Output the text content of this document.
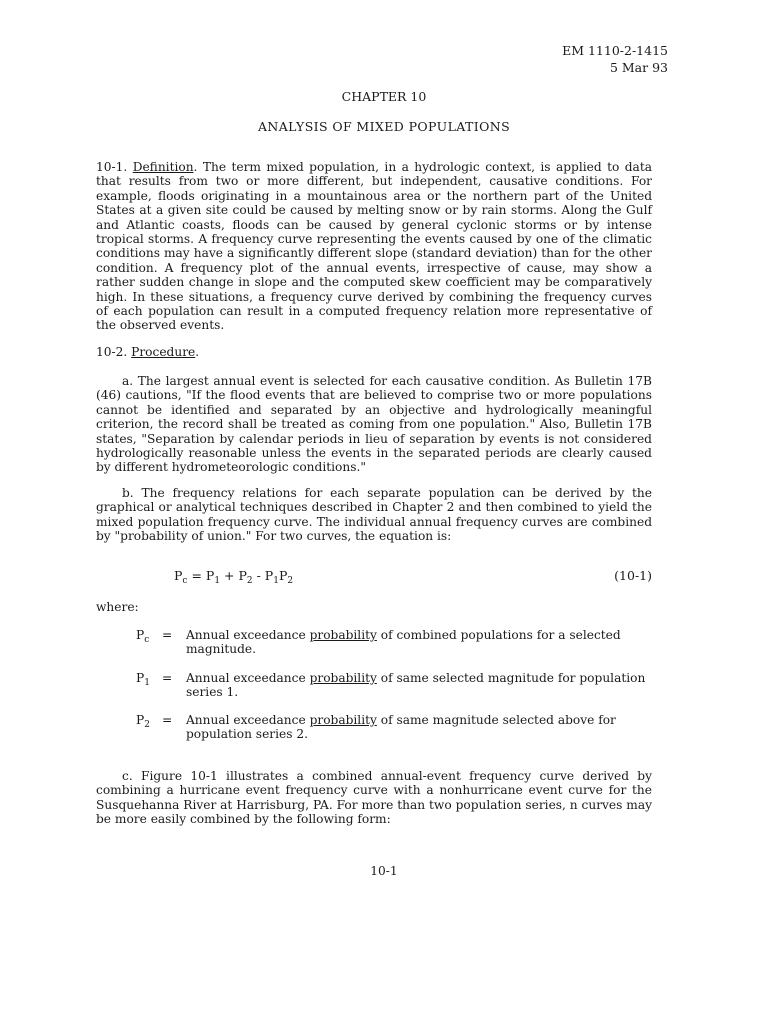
EM 1110-2-1415
5 Mar 93
CHAPTER 10
ANALYSIS OF MIXED POPULATIONS
10-1. Definition. The term mixed population, in a hydrologic context, is applied to data that results from two or more different, but independent, causative conditions. For example, floods originating in a mountainous area or the northern part of the United States at a given site could be caused by melting snow or by rain storms. Along the Gulf and Atlantic coasts, floods can be caused by general cyclonic storms or by intense tropical storms. A frequency curve representing the events caused by one of the climatic conditions may have a significantly different slope (standard deviation) than for the other condition. A frequency plot of the annual events, irrespective of cause, may show a rather sudden change in slope and the computed skew coefficient may be comparatively high. In these situations, a frequency curve derived by combining the frequency curves of each population can result in a computed frequency relation more representative of the observed events.
10-2. Procedure.
a. The largest annual event is selected for each causative condition. As Bulletin 17B (46) cautions, "If the flood events that are believed to comprise two or more populations cannot be identified and separated by an objective and hydrologically meaningful criterion, the record shall be treated as coming from one population." Also, Bulletin 17B states, "Separation by calendar periods in lieu of separation by events is not considered hydrologically reasonable unless the events in the separated periods are clearly caused by different hydrometeorologic conditions."
b. The frequency relations for each separate population can be derived by the graphical or analytical techniques described in Chapter 2 and then combined to yield the mixed population frequency curve. The individual annual frequency curves are combined by "probability of union." For two curves, the equation is:
$P_c = P_1 + P_2 - P_1P_2$	(10-1)
where:
$P_c$ = Annual exceedance probability of combined populations for a selected magnitude.
$P_1$ = Annual exceedance probability of same selected magnitude for population series 1.
$P_2$ = Annual exceedance probability of same magnitude selected above for population series 2.
c. Figure 10-1 illustrates a combined annual-event frequency curve derived by combining a hurricane event frequency curve with a nonhurricane event curve for the Susquehanna River at Harrisburg, PA. For more than two population series, n curves may be more easily combined by the following form:
10-1
